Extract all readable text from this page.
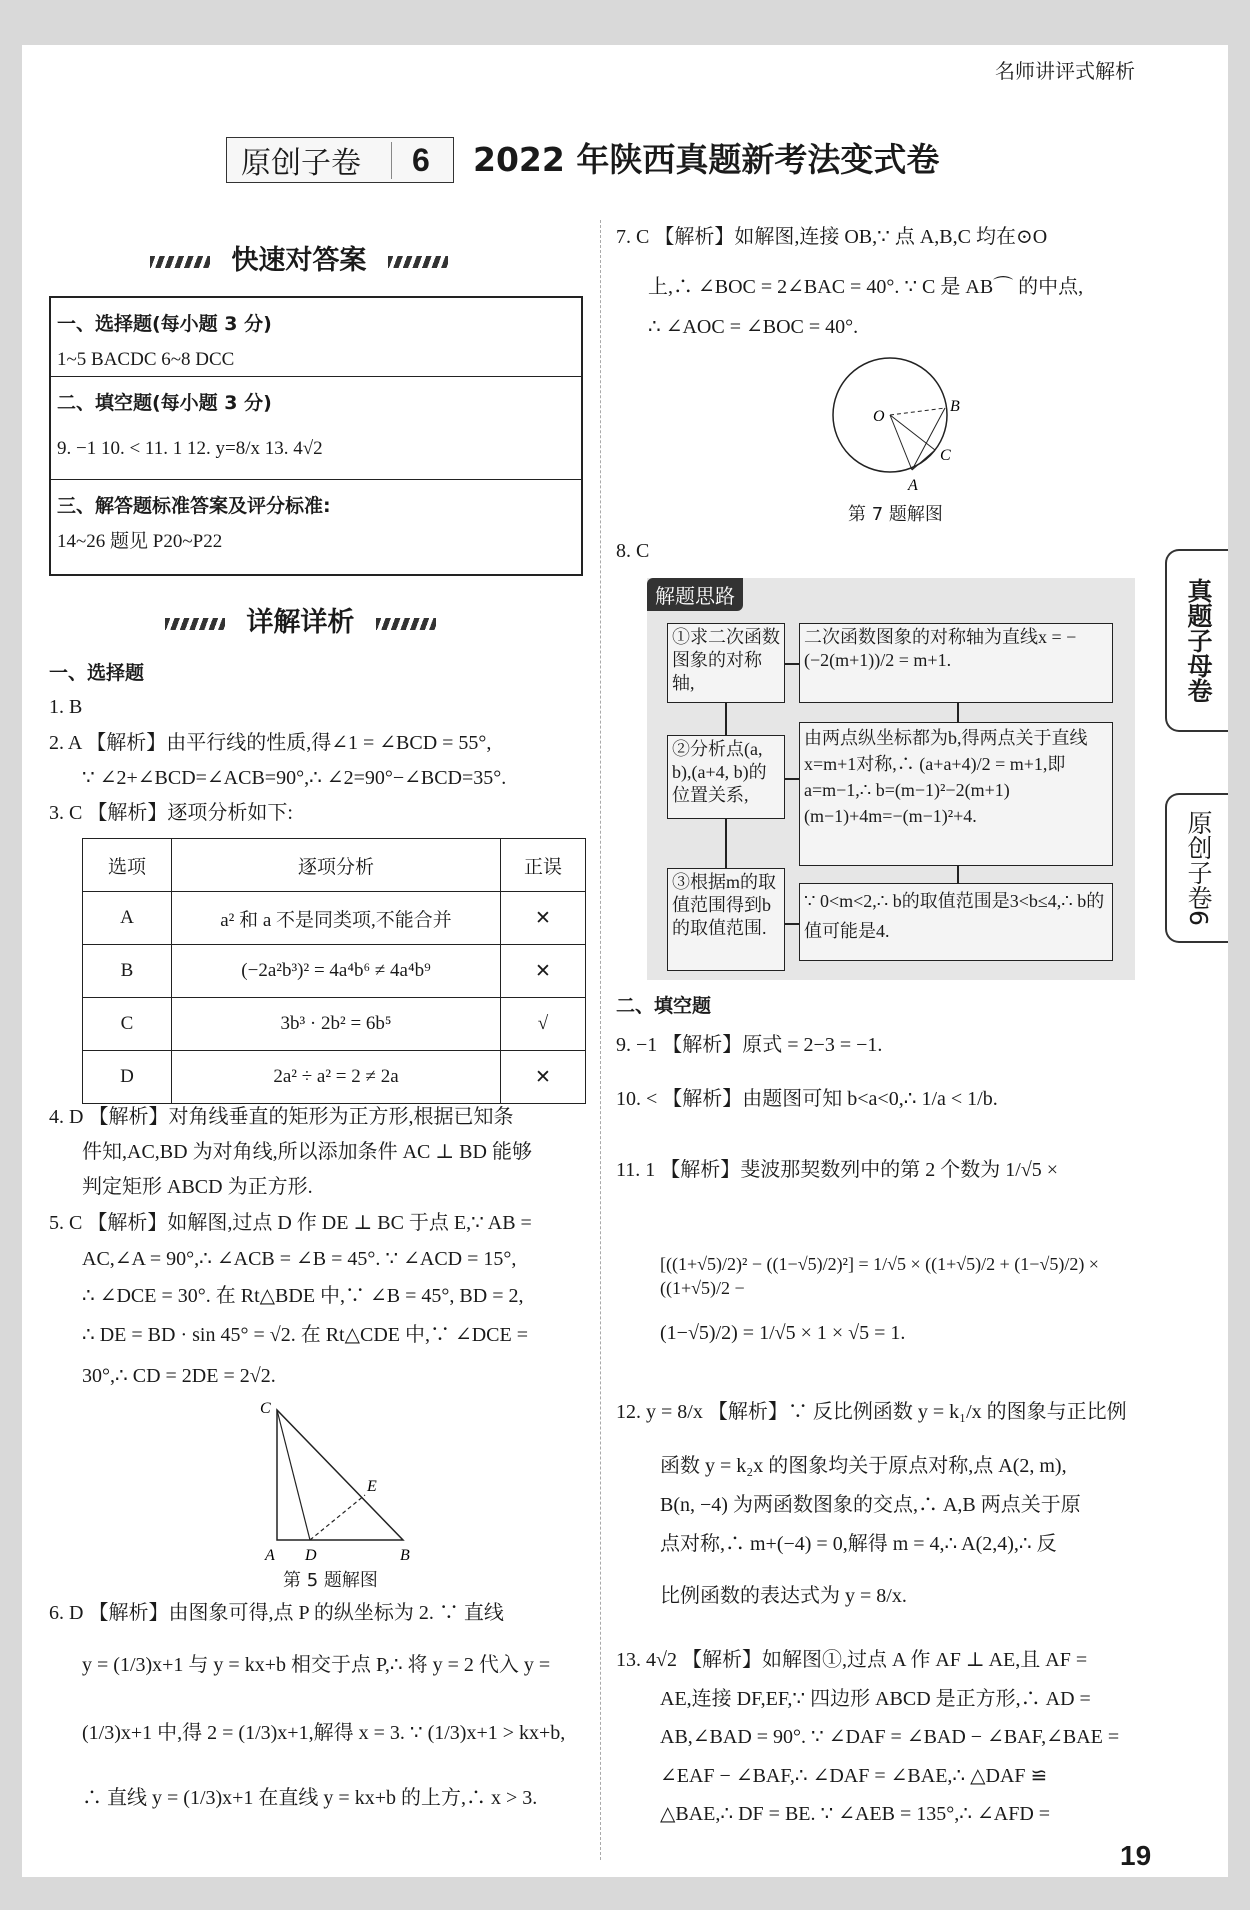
名师讲评式解析
原创子卷	6 2022 年陕西真题新考法变式卷
快速对答案
一、选择题(每小题 3 分)
1~5 BACDC 6~8 DCC
二、填空题(每小题 3 分)
9. −1 10. < 11. 1 12. y=8/x 13. 4√2
三、解答题标准答案及评分标准:
14~26 题见 P20~P22
详解详析
一、选择题
1. B
2. A 【解析】由平行线的性质,得∠1 = ∠BCD = 55°,
∵ ∠2+∠BCD=∠ACB=90°,∴ ∠2=90°−∠BCD=35°.
3. C 【解析】逐项分析如下:
选项	逐项分析	正误
A	a² 和 a 不是同类项,不能合并	✕
B	(−2a²b³)² = 4a⁴b⁶ ≠ 4a⁴b⁹	✕
C	3b³ · 2b² = 6b⁵	√
D	2a² ÷ a² = 2 ≠ 2a	✕
4. D 【解析】对角线垂直的矩形为正方形,根据已知条
件知,AC,BD 为对角线,所以添加条件 AC ⊥ BD 能够
判定矩形 ABCD 为正方形.
5. C 【解析】如解图,过点 D 作 DE ⊥ BC 于点 E,∵ AB =
AC,∠A = 90°,∴ ∠ACB = ∠B = 45°. ∵ ∠ACD = 15°,
∴ ∠DCE = 30°. 在 Rt△BDE 中,∵ ∠B = 45°, BD = 2,
∴ DE = BD · sin 45° = √2. 在 Rt△CDE 中,∵ ∠DCE =
30°,∴ CD = 2DE = 2√2.
C
E
A D	B
第 5 题解图
6. D 【解析】由图象可得,点 P 的纵坐标为 2. ∵ 直线
y = (1/3)x+1 与 y = kx+b 相交于点 P,∴ 将 y = 2 代入 y =
(1/3)x+1 中,得 2 = (1/3)x+1,解得 x = 3. ∵ (1/3)x+1 > kx+b,
∴ 直线 y = (1/3)x+1 在直线 y = kx+b 的上方,∴ x > 3.
7. C 【解析】如解图,连接 OB,∵ 点 A,B,C 均在⊙O
上,∴ ∠BOC = 2∠BAC = 40°. ∵ C 是 AB⌒ 的中点,
∴ ∠AOC = ∠BOC = 40°.
O
B
C
A
第 7 题解图
8. C
解题思路
①求二次函数图象的对称轴,
②分析点(a, b),(a+4, b)的位置关系,
③根据m的取值范围得到b的取值范围.
二次函数图象的对称轴为直线x = −(−2(m+1))/2 = m+1.
由两点纵坐标都为b,得两点关于直线x=m+1对称,∴ (a+a+4)/2 = m+1,即a=m−1,∴ b=(m−1)²−2(m+1)(m−1)+4m=−(m−1)²+4.
∵ 0<m<2,∴ b的取值范围是3<b≤4,∴ b的值可能是4.
二、填空题
9. −1 【解析】原式 = 2−3 = −1.
10. < 【解析】由题图可知 b<a<0,∴ 1/a < 1/b.
11. 1 【解析】斐波那契数列中的第 2 个数为 1/√5 ×
[((1+√5)/2)² − ((1−√5)/2)²] = 1/√5 × ((1+√5)/2 + (1−√5)/2) × ((1+√5)/2 −
(1−√5)/2) = 1/√5 × 1 × √5 = 1.
12. y = 8/x 【解析】∵ 反比例函数 y = k₁/x 的图象与正比例
函数 y = k₂x 的图象均关于原点对称,点 A(2, m),
B(n, −4) 为两函数图象的交点,∴ A,B 两点关于原
点对称,∴ m+(−4) = 0,解得 m = 4,∴ A(2,4),∴ 反
比例函数的表达式为 y = 8/x.
13. 4√2 【解析】如解图①,过点 A 作 AF ⊥ AE,且 AF =
AE,连接 DF,EF,∵ 四边形 ABCD 是正方形,∴ AD =
AB,∠BAD = 90°. ∵ ∠DAF = ∠BAD − ∠BAF,∠BAE =
∠EAF − ∠BAF,∴ ∠DAF = ∠BAE,∴ △DAF ≌
△BAE,∴ DF = BE. ∵ ∠AEB = 135°,∴ ∠AFD =
真题子母卷
原创子卷6
19
